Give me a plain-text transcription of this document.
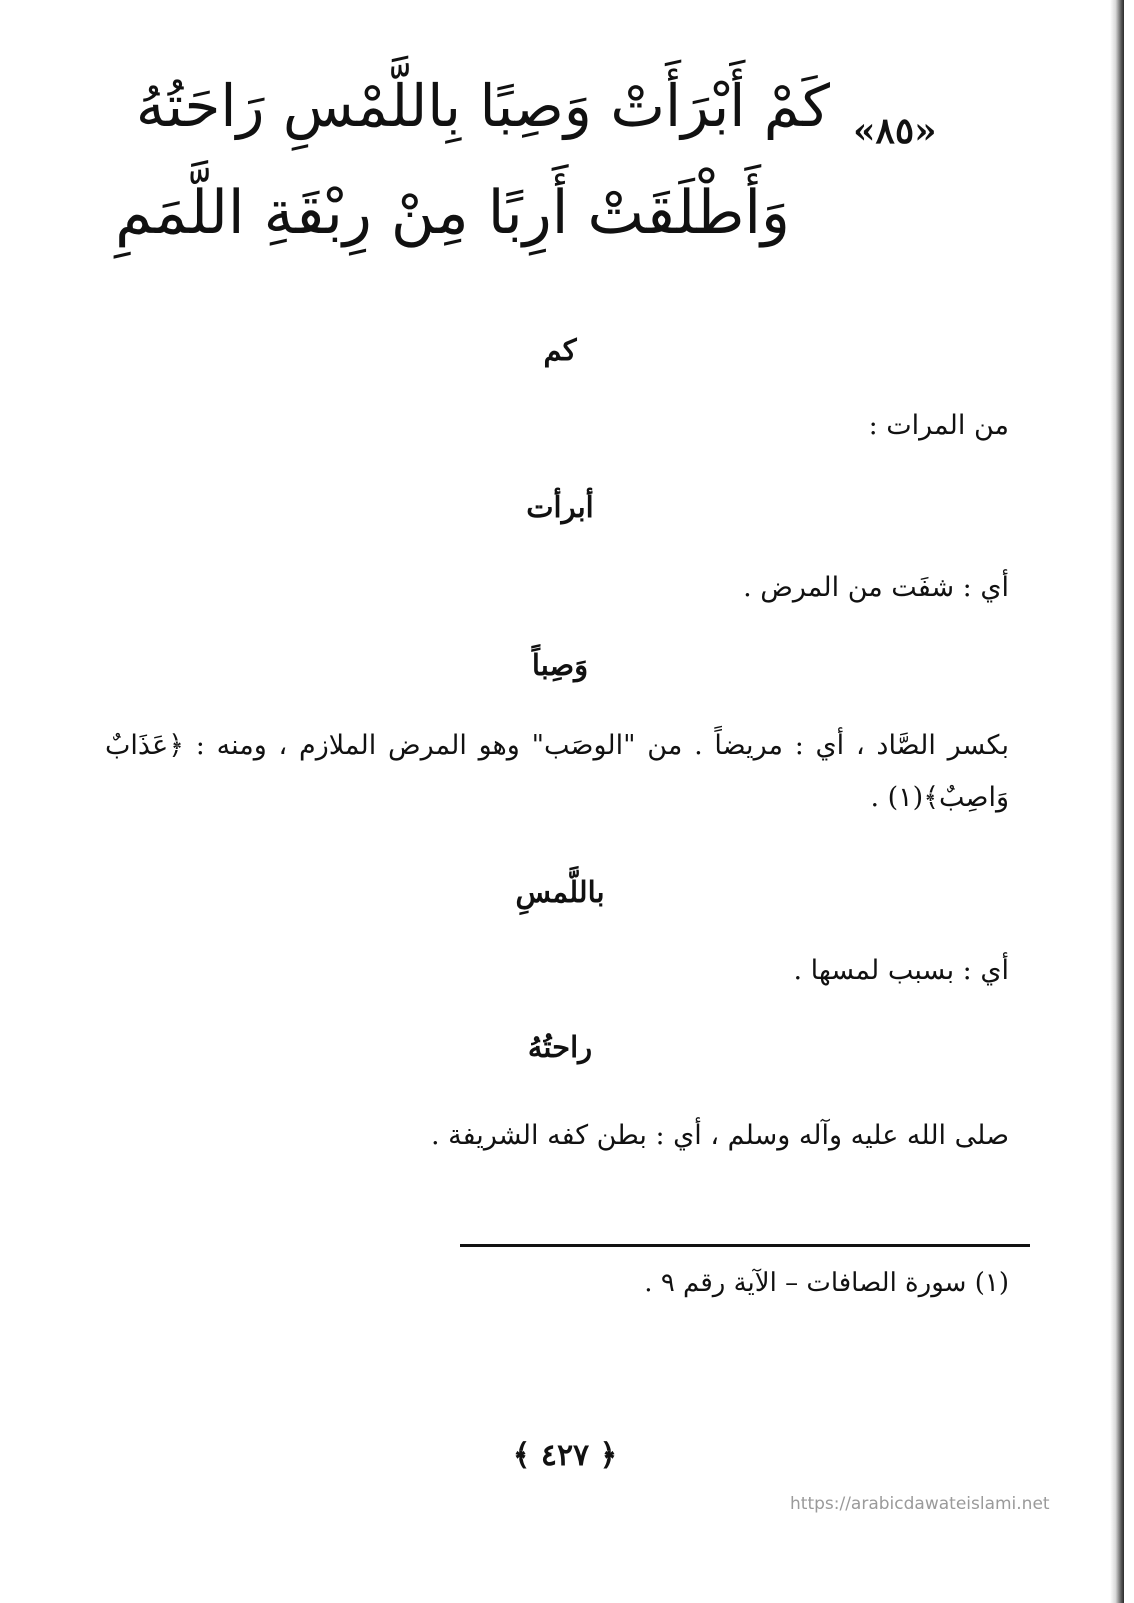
«٨٥»
كَمْ أَبْرَأَتْ وَصِبًا بِاللَّمْسِ رَاحَتُهُ
وَأَطْلَقَتْ أَرِبًا مِنْ رِبْقَةِ اللَّمَمِ
كم
من المرات :
أبرأت
أي : شفَت من المرض .
وَصِباً
بكسر الصَّاد ، أي : مريضاً . من "الوصَب" وهو المرض الملازم ، ومنه : ﴿عَذَابٌ وَاصِبٌ﴾(١) .
باللَّمسِ
أي : بسبب لمسها .
راحتُهُ
صلى الله عليه وآله وسلم ، أي : بطن كفه الشريفة .
(١) سورة الصافات – الآية رقم ٩ .
﴿ ٤٢٧ ﴾
https://arabicdawateislami.net
